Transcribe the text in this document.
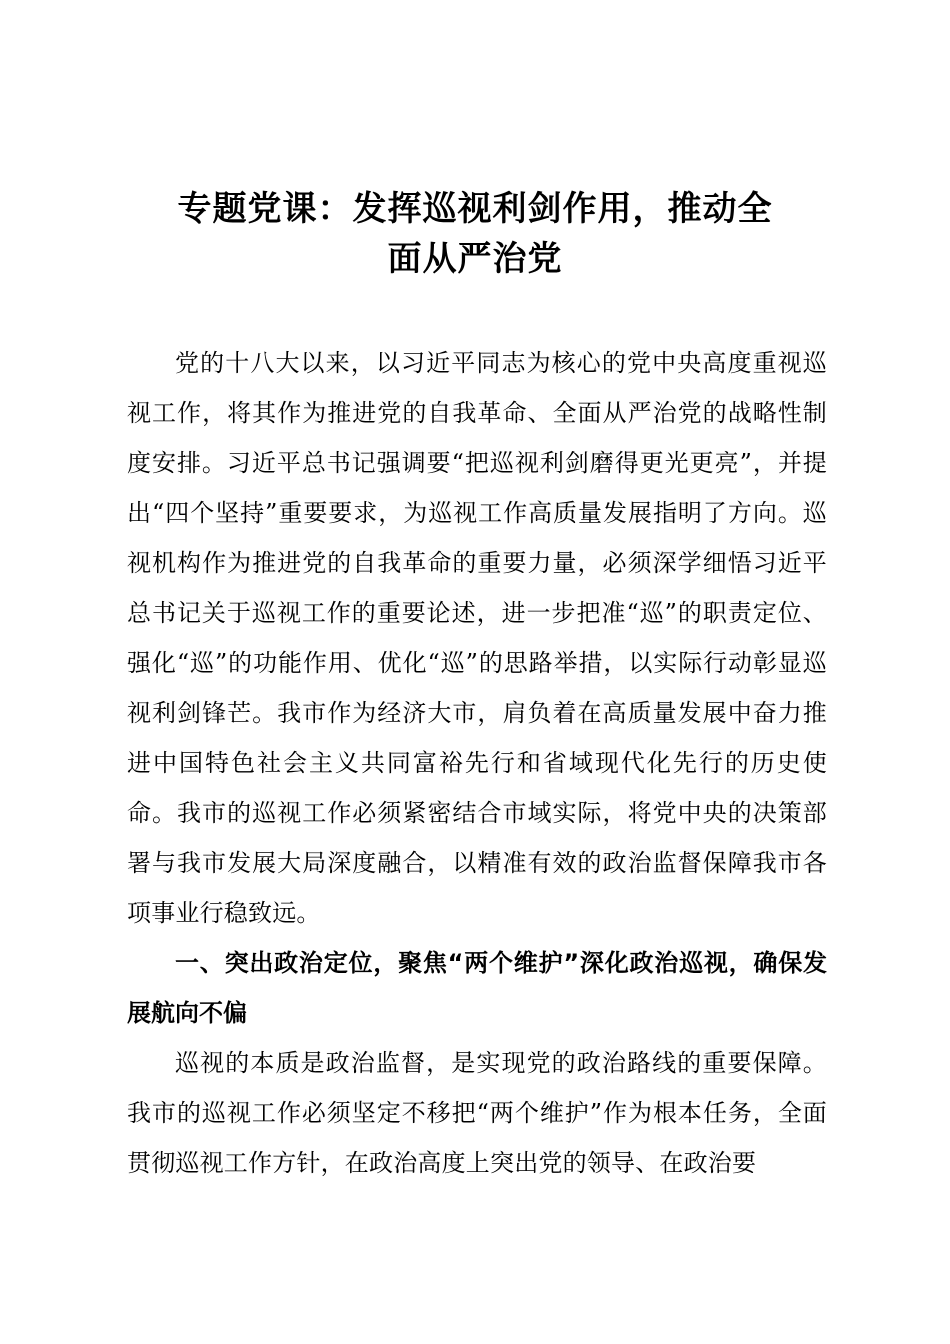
专题党课：发挥巡视利剑作用，推动全
面从严治党

党的十八大以来，以习近平同志为核心的党中央高度重视巡视工作，将其作为推进党的自我革命、全面从严治党的战略性制度安排。习近平总书记强调要“把巡视利剑磨得更光更亮”，并提出“四个坚持”重要要求，为巡视工作高质量发展指明了方向。巡视机构作为推进党的自我革命的重要力量，必须深学细悟习近平总书记关于巡视工作的重要论述，进一步把准“巡”的职责定位、强化“巡”的功能作用、优化“巡”的思路举措，以实际行动彰显巡视利剑锋芒。我市作为经济大市，肩负着在高质量发展中奋力推进中国特色社会主义共同富裕先行和省域现代化先行的历史使命。我市的巡视工作必须紧密结合市域实际，将党中央的决策部署与我市发展大局深度融合，以精准有效的政治监督保障我市各项事业行稳致远。

一、突出政治定位，聚焦“两个维护”深化政治巡视，确保发展航向不偏

巡视的本质是政治监督，是实现党的政治路线的重要保障。我市的巡视工作必须坚定不移把“两个维护”作为根本任务，全面贯彻巡视工作方针，在政治高度上突出党的领导、在政治要
